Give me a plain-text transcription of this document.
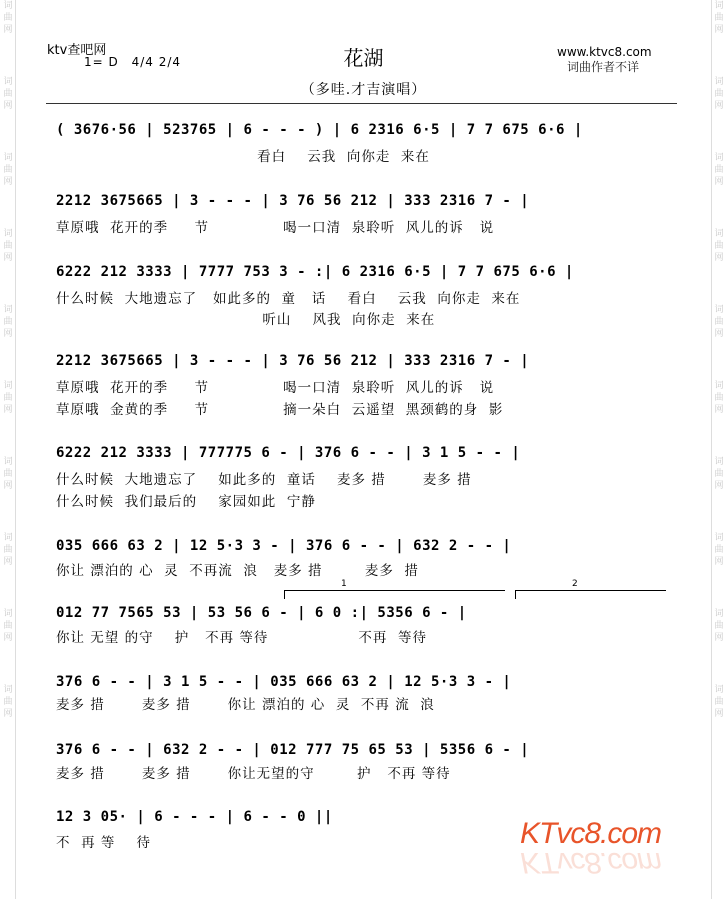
词
曲
网
词
曲
网
词
曲
网
词
曲
网
词
曲
网
词
曲
网
词
曲
网
词
曲
网
词
曲
网
词
曲
网
词
曲
网
词
曲
网
词
曲
网
词
曲
网
词
曲
网
词
曲
网
词
曲
网
词
曲
网
词
曲
网
词
曲
网
ktv查吧网
1= D 4/4 2/4	花湖
（多哇.才吉演唱）
www.ktvc8.com
词曲作者不详
( 3676·56 | 523765 | 6 - - - ) | 6 2316 6·5 | 7 7 675 6·6 |
看白    云我  向你走  来在
2212 3675665 | 3 - - - | 3 76 56 212 | 333 2316 7 - |
草原哦  花开的季     节              喝一口清  泉聆听  风儿的诉   说
6222 212 3333 | 7777 753 3 - :| 6 2316 6·5 | 7 7 675 6·6 |
什么时候  大地遗忘了   如此多的  童   话    看白    云我  向你走  来在
听山    风我  向你走  来在
2212 3675665 | 3 - - - | 3 76 56 212 | 333 2316 7 - |
草原哦  花开的季     节              喝一口清  泉聆听  风儿的诉   说
草原哦  金黄的季     节              摘一朵白  云遥望  黑颈鹤的身  影
6222 212 3333 | 777775 6 - | 376 6 - - | 3 1 5 - - |
什么时候  大地遗忘了    如此多的  童话    麦多 措       麦多 措
什么时候  我们最后的    家园如此  宁静
035 666 63 2 | 12 5·3 3 - | 376 6 - - | 632 2 - - |
你让 漂泊的 心  灵  不再流  浪   麦多 措        麦多  措
1	2
012 77 7565 53 | 53 56 6 - | 6 0 :| 5356 6 - |
你让 无望 的守    护   不再 等待                 不再  等待
376 6 - - | 3 1 5 - - | 035 666 63 2 | 12 5·3 3 - |
麦多 措       麦多 措       你让 漂泊的 心  灵  不再 流  浪
376 6 - - | 632 2 - - | 012 777 75 65 53 | 5356 6 - |
麦多 措       麦多 措       你让无望的守        护   不再 等待
12 3 05· | 6 - - - | 6 - - 0 ||
不  再 等    待	KTvc8.com
KTvc8.com
